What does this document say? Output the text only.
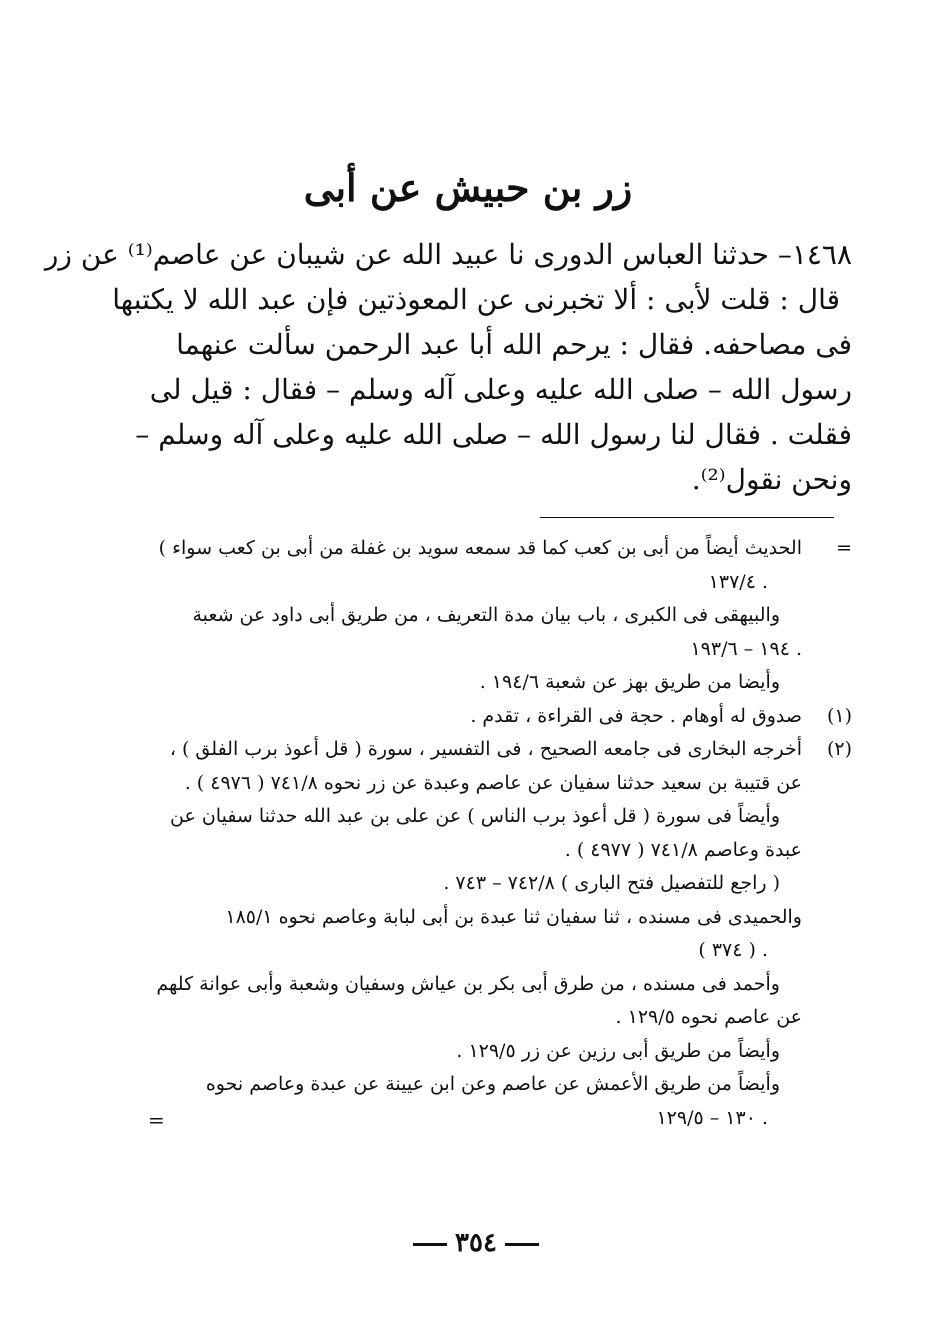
زر بن حبيش عن أبى

١٤٦٨– حدثنا العباس الدورى نا عبيد الله عن شيبان عن عاصم⁽¹⁾ عن زر

قال : قلت لأبى : ألا تخبرنى عن المعوذتين فإن عبد الله لا يكتبها

فى مصاحفه. فقال : يرحم الله أبا عبد الرحمن سألت عنهما

رسول الله – صلى الله عليه وعلى آله وسلم – فقال : قيل لى

فقلت . فقال لنا رسول الله – صلى الله عليه وعلى آله وسلم –

ونحن نقول⁽²⁾.

=

الحديث أيضاً من أبى بن كعب كما قد سمعه سويد بن غفلة من أبى بن كعب سواء )

. ١٣٧/٤

والبيهقى فى الكبرى ، باب بيان مدة التعريف ، من طريق أبى داود عن شعبة

. ١٩٤ – ١٩٣/٦

وأيضا من طريق بهز عن شعبة ١٩٤/٦ .

(١)

صدوق له أوهام . حجة فى القراءة ، تقدم .

(٢)

أخرجه البخارى فى جامعه الصحيح ، فى التفسير ، سورة ( قل أعوذ برب الفلق ) ،

عن قتيبة بن سعيد حدثنا سفيان عن عاصم وعبدة عن زر نحوه ٧٤١/٨ ( ٤٩٧٦ ) .

وأيضاً فى سورة ( قل أعوذ برب الناس ) عن على بن عبد الله حدثنا سفيان عن

عبدة وعاصم ٧٤١/٨ ( ٤٩٧٧ ) .

( راجع للتفصيل فتح البارى ) ٧٤٢/٨ – ٧٤٣ .

والحميدى فى مسنده ، ثنا سفيان ثنا عبدة بن أبى لبابة وعاصم نحوه ١٨٥/١

. ( ٣٧٤ )

وأحمد فى مسنده ، من طرق أبى بكر بن عياش وسفيان وشعبة وأبى عوانة كلهم

عن عاصم نحوه ١٢٩/٥ .

وأيضاً من طريق أبى رزين عن زر ١٢٩/٥ .

وأيضاً من طريق الأعمش عن عاصم وعن ابن عيينة عن عبدة وعاصم نحوه

. ١٣٠ – ١٢٩/٥

=
٣٥٤
